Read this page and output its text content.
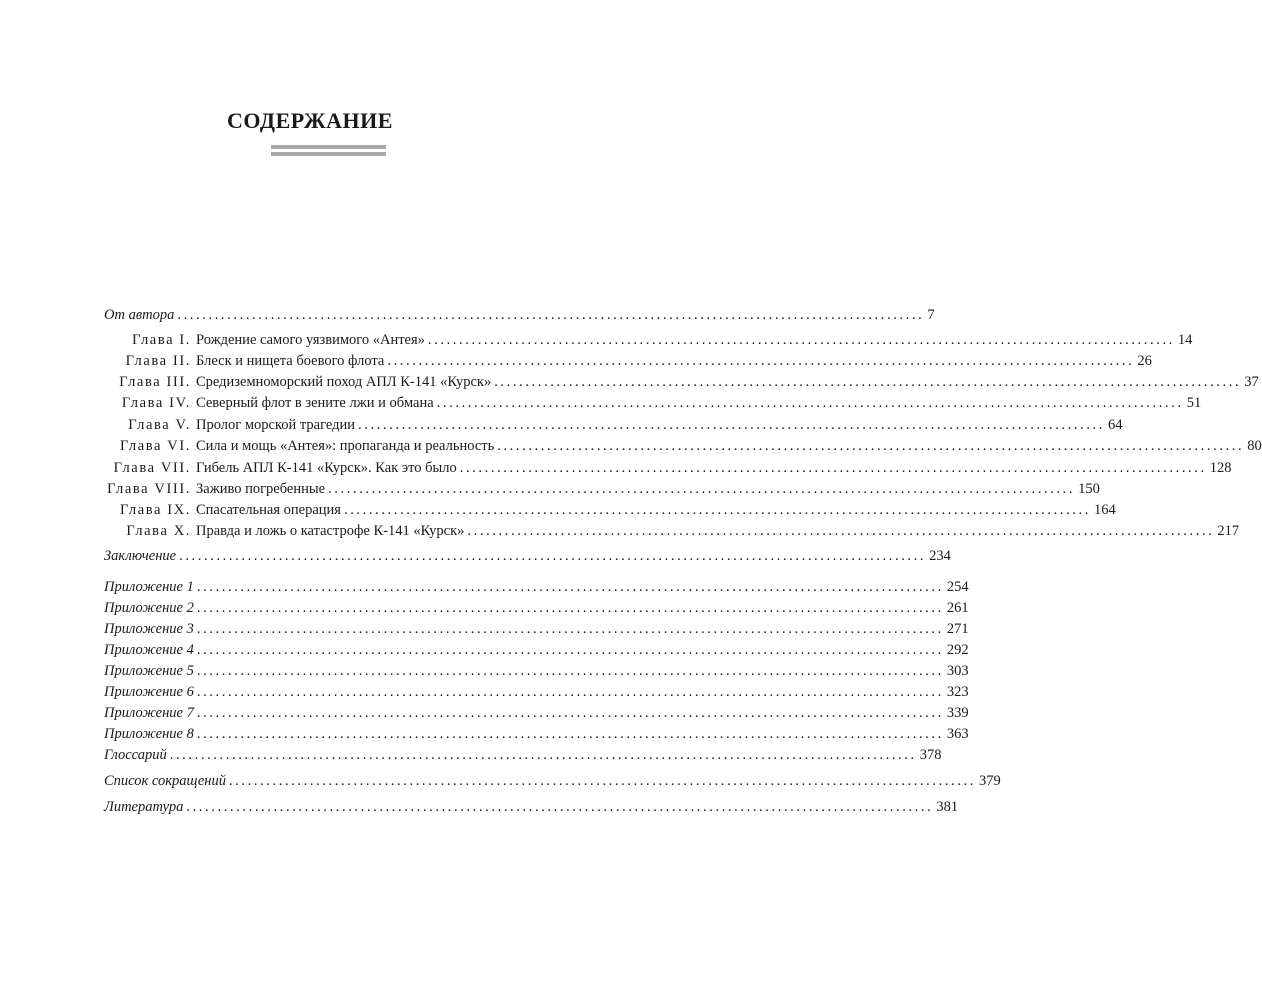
СОДЕРЖАНИЕ
От автора ........................................................................................................................ 7
Глава I. Рождение самого уязвимого «Антея» ........................................................................................................................ 14
Глава II. Блеск и нищета боевого флота ........................................................................................................................ 26
Глава III. Средиземноморский поход АПЛ К-141 «Курск» ........................................................................................................................ 37
Глава IV. Северный флот в зените лжи и обмана ........................................................................................................................ 51
Глава V. Пролог морской трагедии ........................................................................................................................ 64
Глава VI. Сила и мощь «Антея»: пропаганда и реальность ........................................................................................................................ 80
Глава VII. Гибель АПЛ К-141 «Курск». Как это было ........................................................................................................................ 128
Глава VIII. Заживо погребенные ........................................................................................................................ 150
Глава IX. Спасательная операция ........................................................................................................................ 164
Глава X. Правда и ложь о катастрофе К-141 «Курск» ........................................................................................................................ 217
Заключение ........................................................................................................................ 234
Приложение 1 ........................................................................................................................ 254
Приложение 2 ........................................................................................................................ 261
Приложение 3 ........................................................................................................................ 271
Приложение 4 ........................................................................................................................ 292
Приложение 5 ........................................................................................................................ 303
Приложение 6 ........................................................................................................................ 323
Приложение 7 ........................................................................................................................ 339
Приложение 8 ........................................................................................................................ 363
Глоссарий ........................................................................................................................ 378
Список сокращений ........................................................................................................................ 379
Литература ........................................................................................................................ 381
